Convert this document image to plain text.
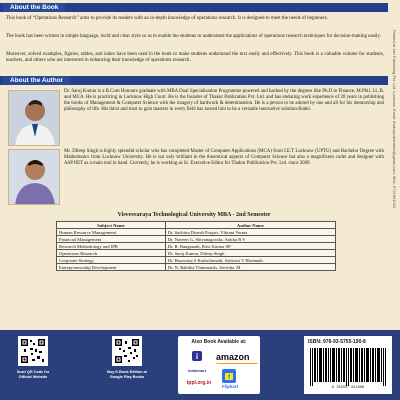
About the Book

This book of “Operations Research” aims to provide its readers with an in-depth knowledge of operations research. It is designed to meet the needs of beginners.

The book has been written in simple language, lucid and clear style so as to enable the students to understand the applications of operations research techniques for decision-making easily.

Moreover, solved examples, figures, tables, and index have been used in the book to make students understand the text easily and effectively. This book is a valuable volume for students, teachers, and others who are interested in enhancing their knowledge of operations research.

About the Author

Dr. Saroj Kumar is a B.Com Honours graduate with MBA Dual Specialisation Programme powered and backed by the degrees like Ph.D in Finance, M.Phil, LL.B. and MCA. He is practicing in Lucknow High Court. He is the founder of Thakur Publication Pvt. Ltd. and has enduring work experience of 20 years in publishing the books of Management & Computer Science with the imagery of hardwork & determination. He is a person to be adored by one and all for his mentorship and philosophy of life. His thirst and trust to gain masters in every field has turned him to be a versatile innovative solution-finder.

Mr. Dileep Singh is highly splendid scholar who has completed Master of Computer Applications (MCA) from I.E.T Lucknow (UPTU) and Bachelor Degree with Mathematics from Lucknow University. He is not only brilliant in the theoretical aspects of Computer Science but also a magnificent coder and designer with ASP.NET as a main tool in hand. Currently, he is working as Sr. Executive Editor for Thakur Publication Pvt. Ltd. since 2009.

Visvesvaraya Technological University MBA - 2nd Semester
Subject Name	Author Name
Human Resource Management	Dr. Sachitra Dinesh Poojari, Vikrant Verma
Financial Management	Dr. Naveen G, Shivanagowda, Anitha B S
Research Methodology and IPR	Dr. R. Ranganath, Ravi Kumar SP
Operations Research	Dr. Saroj Kumar, Dileep Singh
Corporate Strategy	Dr. Basavaraj S Kudachimath, Ashwini V Hiremath
Entrepreneurship Development	Dr. N. Babitha Thimmaiah, Jeevitha. M
Printed at Jan Publishing Pvt. Ltd. Lucknow, Email: thakurpublication@gmail.com, Mob: 9721601020
Scan QR Code for Official Website
Buy E-Book Edition at Google Play Books
Also Book Available at:
i
indiamart
amazon
tppl.org.in
f
Flipkart
ISBN: 978-93-5755-190-8
9 789357 551908
